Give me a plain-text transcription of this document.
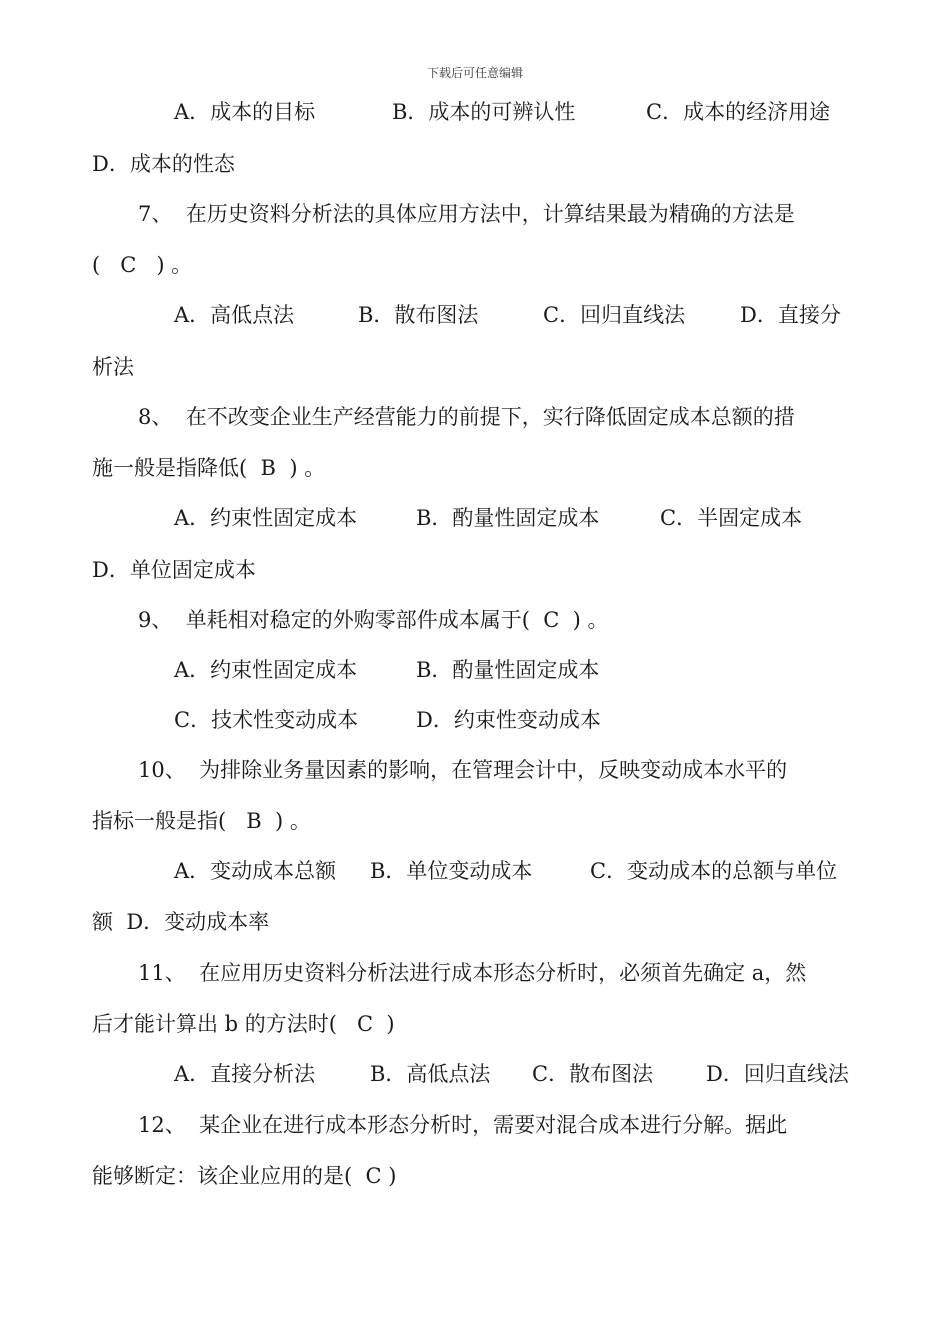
下载后可任意编辑
A．成本的目标	B．成本的可辨认性	C．成本的经济用途
D．成本的性态
7、  在历史资料分析法的具体应用方法中，计算结果最为精确的方法是
(   C   ) 。
A．高低点法	B．散布图法	C．回归直线法	D．直接分
析法
8、  在不改变企业生产经营能力的前提下，实行降低固定成本总额的措
施一般是指降低(  B  ) 。
A．约束性固定成本	B．酌量性固定成本	C．半固定成本
D．单位固定成本
9、  单耗相对稳定的外购零部件成本属于(  C  ) 。
A．约束性固定成本	B．酌量性固定成本
C．技术性变动成本	D．约束性变动成本
10、  为排除业务量因素的影响，在管理会计中，反映变动成本水平的
指标一般是指(   B  ) 。
A．变动成本总额 B．单位变动成本	C．变动成本的总额与单位
额  D．变动成本率
11、  在应用历史资料分析法进行成本形态分析时，必须首先确定 a，然
后才能计算出 b 的方法时(   C  )
A．直接分析法	B．高低点法 C．散布图法	D．回归直线法
12、  某企业在进行成本形态分析时，需要对混合成本进行分解。据此
能够断定：该企业应用的是(  C )
